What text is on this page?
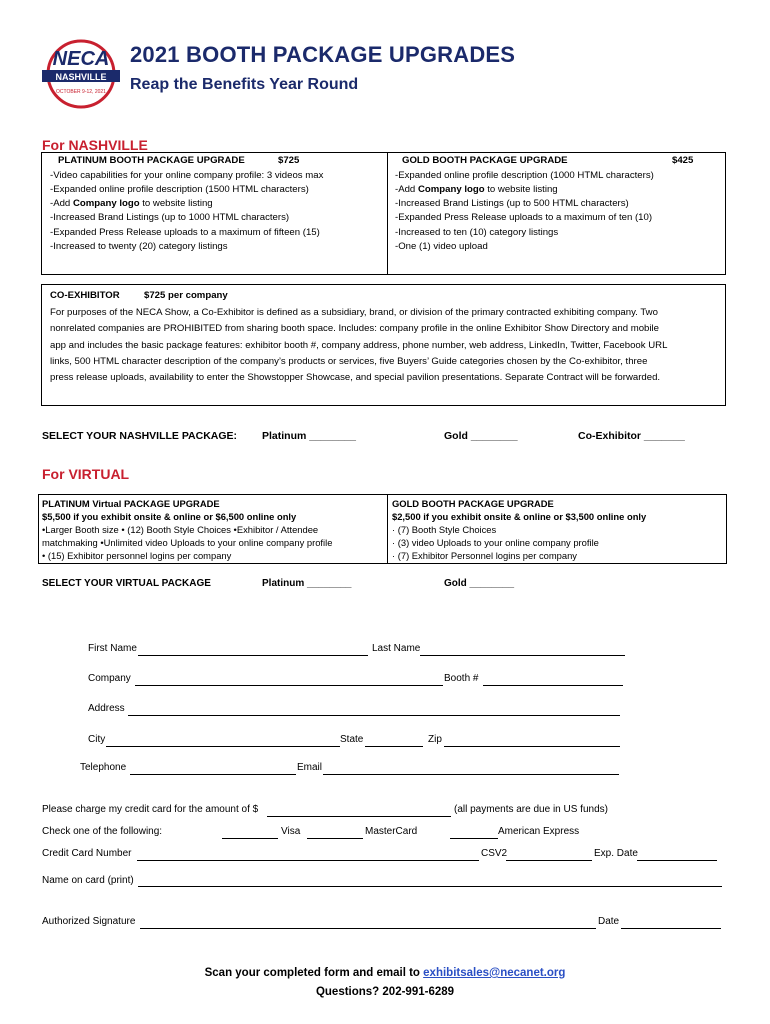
NECA
NASHVILLE
OCTOBER 9-12, 2021
2021 BOOTH PACKAGE UPGRADES
Reap the Benefits Year Round
For NASHVILLE
PLATINUM BOOTH PACKAGE UPGRADE	$725
-Video capabilities for your online company profile: 3 videos max
-Expanded online profile description (1500 HTML characters)
-Add Company logo to website listing
-Increased Brand Listings (up to 1000 HTML characters)
-Expanded Press Release uploads to a maximum of fifteen (15)
-Increased to twenty (20) category listings
GOLD BOOTH PACKAGE UPGRADE	$425
-Expanded online profile description (1000 HTML characters)
-Add Company logo to website listing
-Increased Brand Listings (up to 500 HTML characters)
-Expanded Press Release uploads to a maximum of ten (10)
-Increased to ten (10) category listings
-One (1) video upload
CO-EXHIBITOR	$725 per company
For purposes of the NECA Show, a Co-Exhibitor is defined as a subsidiary, brand, or division of the primary contracted exhibiting company. Two
nonrelated companies are PROHIBITED from sharing booth space. Includes: company profile in the online Exhibitor Show Directory and mobile
app and includes the basic package features: exhibitor booth #, company address, phone number, web address, LinkedIn, Twitter, Facebook URL
links, 500 HTML character description of the company’s products or services, five Buyers’ Guide categories chosen by the Co-exhibitor, three
press release uploads, availability to enter the Showstopper Showcase, and special pavilion presentations. Separate Contract will be forwarded.
SELECT YOUR NASHVILLE PACKAGE: Platinum ________	Gold ________	Co-Exhibitor _______
For VIRTUAL
PLATINUM Virtual PACKAGE UPGRADE
$5,500 if you exhibit onsite & online or $6,500 online only
•Larger Booth size • (12) Booth Style Choices •Exhibitor / Attendee
matchmaking •Unlimited video Uploads to your online company profile
• (15) Exhibitor personnel logins per company
GOLD BOOTH PACKAGE UPGRADE
$2,500 if you exhibit onsite & online or $3,500 online only
· (7) Booth Style Choices
· (3) video Uploads to your online company profile
· (7) Exhibitor Personnel logins per company
SELECT YOUR VIRTUAL PACKAGE	Platinum ________	Gold ________
First Name	Last Name
Company	Booth #
Address
City	State	Zip
Telephone	Email
Please charge my credit card for the amount of $	(all payments are due in US funds)
Check one of the following:	Visa	MasterCard	American Express
Credit Card Number	CSV2	Exp. Date
Name on card (print)
Authorized Signature	Date
Scan your completed form and email to exhibitsales@necanet.org
Questions? 202-991-6289
